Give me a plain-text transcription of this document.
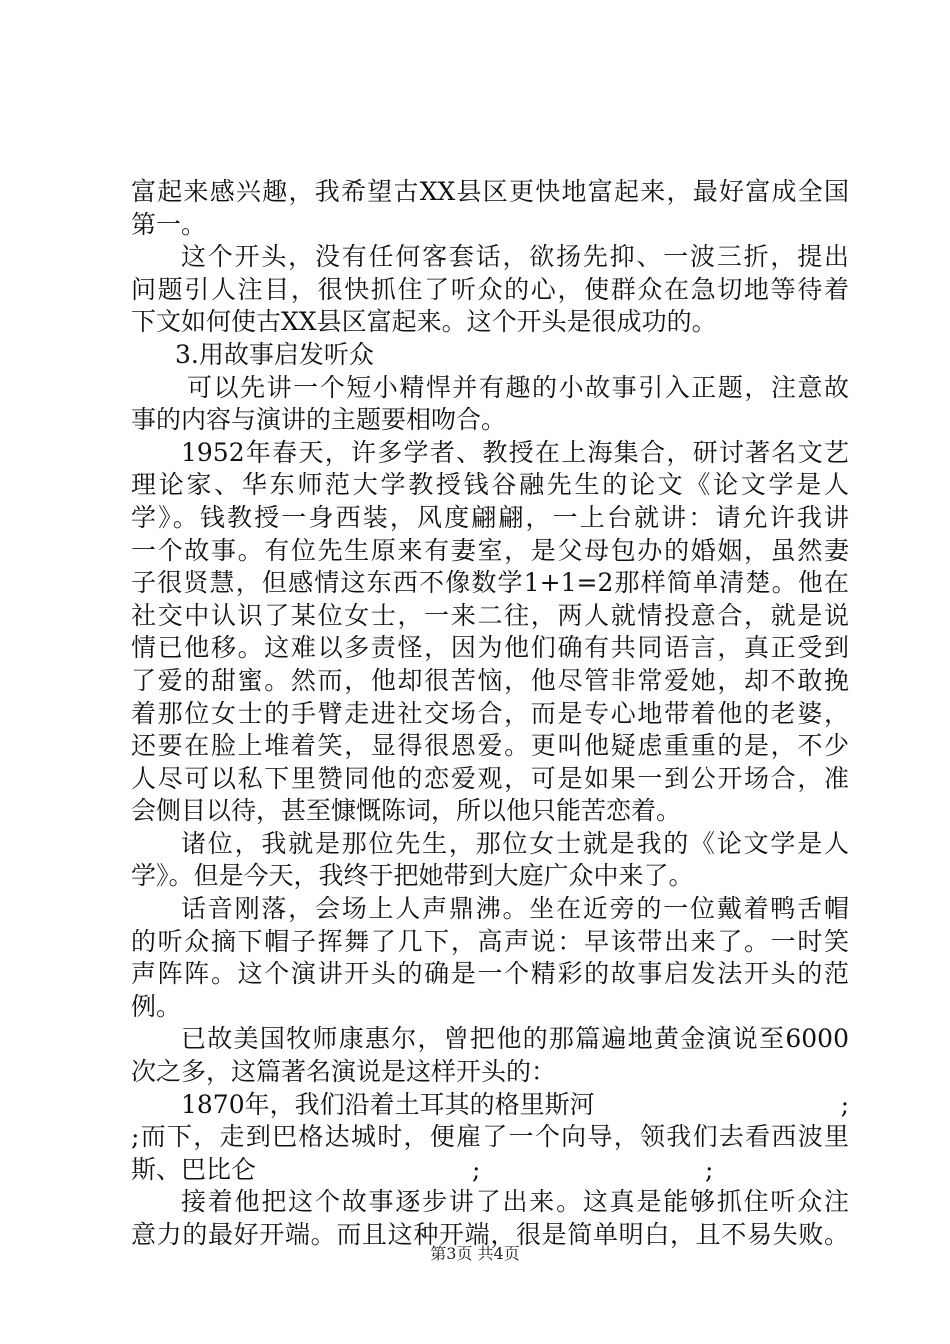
富起来感兴趣，我希望古XX县区更快地富起来，最好富成全国
第一。
这个开头，没有任何客套话，欲扬先抑、一波三折，提出
问题引人注目，很快抓住了听众的心，使群众在急切地等待着
下文如何使古XX县区富起来。这个开头是很成功的。
3.用故事启发听众
可以先讲一个短小精悍并有趣的小故事引入正题，注意故
事的内容与演讲的主题要相吻合。
1952年春天，许多学者、教授在上海集合，研讨著名文艺
理论家、华东师范大学教授钱谷融先生的论文《论文学是人
学》。钱教授一身西装，风度翩翩，一上台就讲：请允许我讲
一个故事。有位先生原来有妻室，是父母包办的婚姻，虽然妻
子很贤慧，但感情这东西不像数学1+1=2那样简单清楚。他在
社交中认识了某位女士，一来二往，两人就情投意合，就是说
情已他移。这难以多责怪，因为他们确有共同语言，真正受到
了爱的甜蜜。然而，他却很苦恼，他尽管非常爱她，却不敢挽
着那位女士的手臂走进社交场合，而是专心地带着他的老婆，
还要在脸上堆着笑，显得很恩爱。更叫他疑虑重重的是，不少
人尽可以私下里赞同他的恋爱观，可是如果一到公开场合，准
会侧目以待，甚至慷慨陈词，所以他只能苦恋着。
诸位，我就是那位先生，那位女士就是我的《论文学是人
学》。但是今天，我终于把她带到大庭广众中来了。
话音刚落，会场上人声鼎沸。坐在近旁的一位戴着鸭舌帽
的听众摘下帽子挥舞了几下，高声说：早该带出来了。一时笑
声阵阵。这个演讲开头的确是一个精彩的故事启发法开头的范
例。
已故美国牧师康惠尔，曾把他的那篇遍地黄金演说至6000
次之多，这篇著名演说是这样开头的：
1870年，我们沿着土耳其的格里斯河	;
;而下，走到巴格达城时，便雇了一个向导，领我们去看西波里
斯、巴比仑	;	;
接着他把这个故事逐步讲了出来。这真是能够抓住听众注
意力的最好开端。而且这种开端，很是简单明白，且不易失败。
第3页 共4页
